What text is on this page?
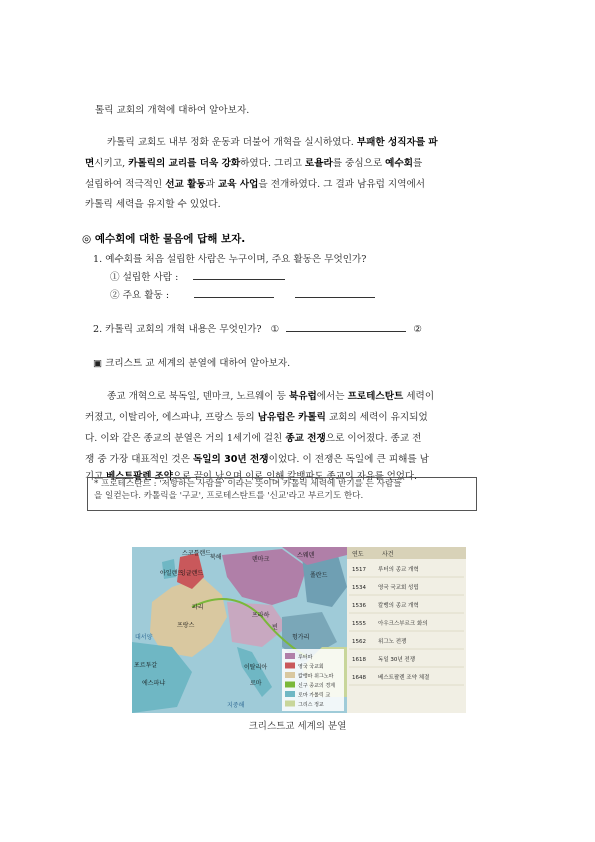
톨릭 교회의 개혁에 대하여 알아보자.
카톨릭 교회도 내부 정화 운동과 더불어 개혁을 실시하였다. 부패한 성직자를 파
면시키고, 카톨릭의 교리를 더욱 강화하였다. 그리고 로욜라를 중심으로 예수회를
설립하여 적극적인 선교 활동과 교육 사업을 전개하였다. 그 결과 남유럽 지역에서
카톨릭 세력을 유지할 수 있었다.
◎ 예수회에 대한 물음에 답해 보자.
1. 예수회를 처음 설립한 사람은 누구이며, 주요 활동은 무엇인가?
① 설립한 사람 :
② 주요 활동 :
2. 카톨릭 교회의 개혁 내용은 무엇인가? ①	②
▣ 크리스트 교 세계의 분열에 대하여 알아보자.
종교 개혁으로 북독일, 덴마크, 노르웨이 등 북유럽에서는 프로테스탄트 세력이
커졌고, 이탈리아, 에스파냐, 프랑스 등의 남유럽은 카톨릭 교회의 세력이 유지되었
다. 이와 같은 종교의 분열은 거의 1세기에 걸친 종교 전쟁으로 이어졌다. 종교 전
쟁 중 가장 대표적인 것은 독일의 30년 전쟁이었다. 이 전쟁은 독일에 큰 피해를 남
기고 베스트팔렌 조약으로 끝이 났으며 이로 인해 칼뱅파도 종교의 자유를 얻었다.
* 프로테스탄트 : '저항하는 사람들' 이라는 뜻이며 카톨릭 세력에 반기를 든 사람들
을 일컫는다. 카톨릭을 '구교', 프로테스탄트를 '신교'라고 부르기도 한다.
북해
대서양
지중해
스코틀랜드
잉글랜드
아일랜드
프랑스
에스파냐
포르투갈	이탈리아
폴란드
헝가리
덴마크
스웨덴
프라하
로마
파리
빈
루터파
영국 국교회
칼뱅파 위그노파
신구 종교의 경계
로마 가톨릭 교
그리스 정교
연도	사건
1517 루터의 종교 개혁
1534 영국 국교회 성립
1536 칼뱅의 종교 개혁
1555 아우크스부르크 화의
1562 위그노 전쟁
1618 독일 30년 전쟁
1648 베스트팔렌 조약 체결
크리스트교 세계의 분열
